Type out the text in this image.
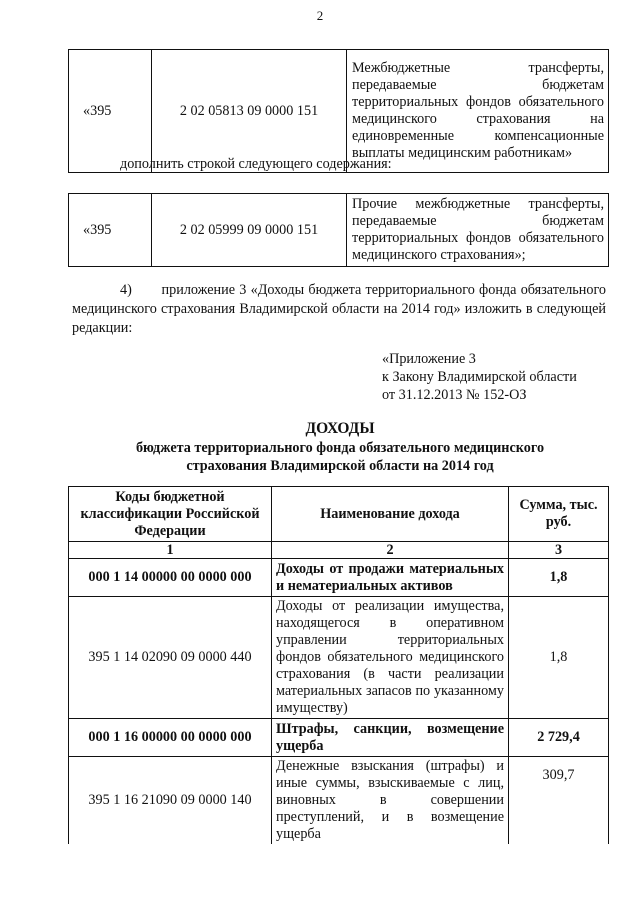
2
«395	2 02 05813 09 0000 151	Межбюджетные трансферты, передаваемые бюджетам территориальных фондов обязательного медицинского страхования на единовременные компенсационные выплаты медицинским работникам»
дополнить строкой следующего содержания:
«395	2 02 05999 09 0000 151	Прочие межбюджетные трансферты, передаваемые бюджетам территориальных фондов обязательного медицинского страхования»;
4)       приложение 3 «Доходы бюджета территориального фонда обязательного медицинского страхования Владимирской области на 2014 год» изложить в следующей редакции:
«Приложение 3
к Закону Владимирской области
от 31.12.2013 № 152-ОЗ
ДОХОДЫ
бюджета территориального фонда обязательного медицинского
страхования Владимирской области на 2014 год
Коды бюджетной классификации Российской Федерации	Наименование дохода	Сумма, тыс. руб.
1	2	3
000 1 14 00000 00 0000 000	Доходы от продажи материальных и нематериальных активов	1,8
395 1 14 02090 09 0000 440	Доходы от реализации имущества, находящегося в оперативном управлении территориальных фондов обязательного медицинского страхования (в части реализации материальных запасов по указанному имуществу)	1,8
000 1 16 00000 00 0000 000	Штрафы, санкции, возмещение ущерба	2 729,4
395 1 16 21090 09 0000 140	Денежные взыскания (штрафы) и иные суммы, взыскиваемые с лиц, виновных в совершении преступлений, и в возмещение ущерба	309,7
